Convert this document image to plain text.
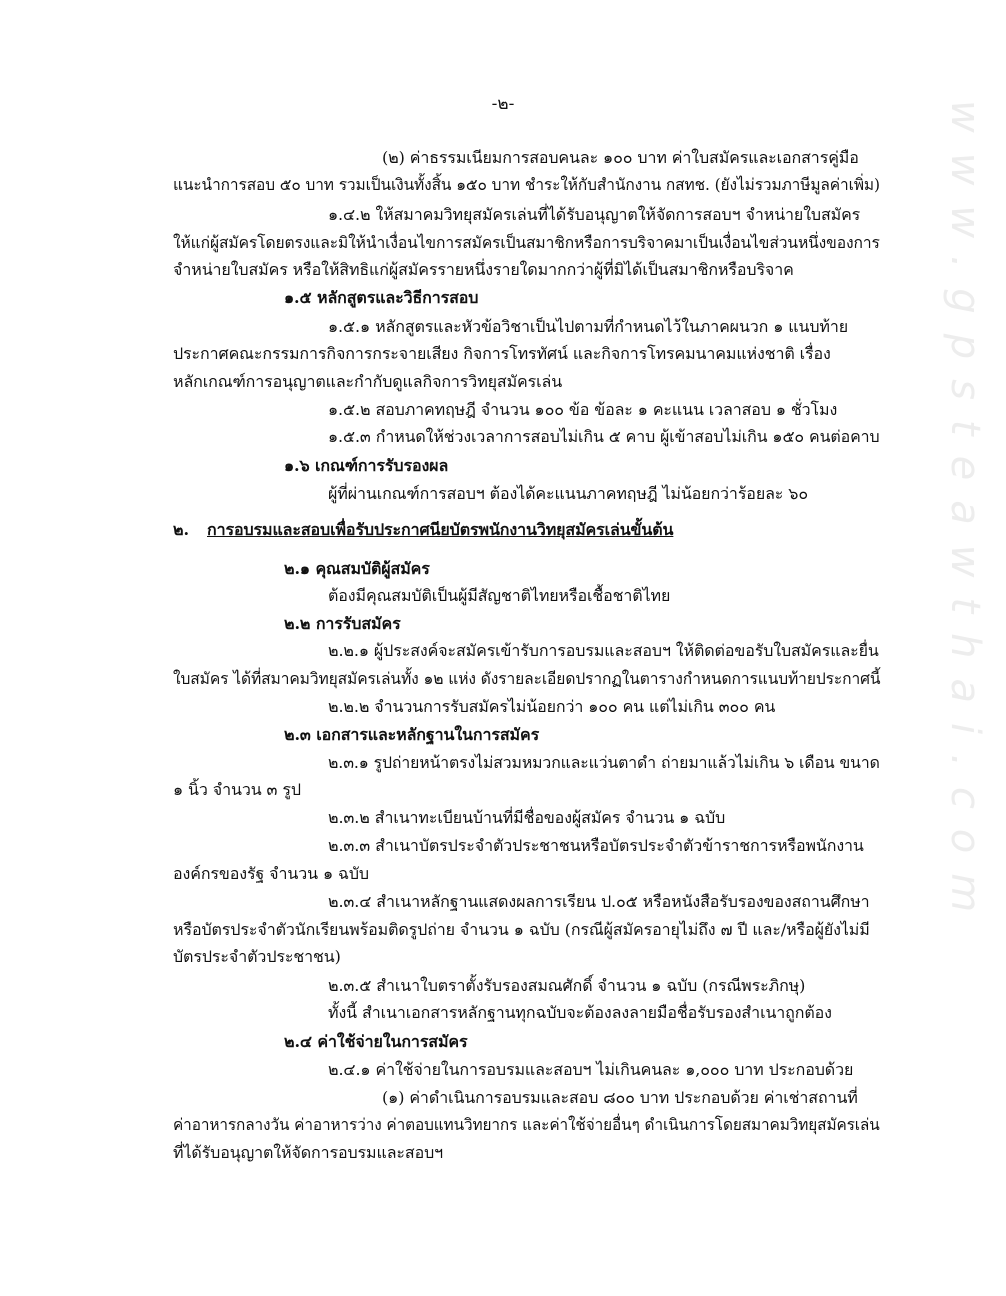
-๒-
(๒) ค่าธรรมเนียมการสอบคนละ ๑๐๐ บาท ค่าใบสมัครและเอกสารคู่มือ
แนะนำการสอบ ๕๐ บาท รวมเป็นเงินทั้งสิ้น ๑๕๐ บาท ชำระให้กับสำนักงาน กสทช. (ยังไม่รวมภาษีมูลค่าเพิ่ม)
๑.๔.๒ ให้สมาคมวิทยุสมัครเล่นที่ได้รับอนุญาตให้จัดการสอบฯ จำหน่ายใบสมัคร
ให้แก่ผู้สมัครโดยตรงและมิให้นำเงื่อนไขการสมัครเป็นสมาชิกหรือการบริจาคมาเป็นเงื่อนไขส่วนหนึ่งของการ
จำหน่ายใบสมัคร หรือให้สิทธิแก่ผู้สมัครรายหนึ่งรายใดมากกว่าผู้ที่มิได้เป็นสมาชิกหรือบริจาค
๑.๕ หลักสูตรและวิธีการสอบ
๑.๕.๑ หลักสูตรและหัวข้อวิชาเป็นไปตามที่กำหนดไว้ในภาคผนวก ๑ แนบท้าย
ประกาศคณะกรรมการกิจการกระจายเสียง กิจการโทรทัศน์ และกิจการโทรคมนาคมแห่งชาติ เรื่อง
หลักเกณฑ์การอนุญาตและกำกับดูแลกิจการวิทยุสมัครเล่น
๑.๕.๒ สอบภาคทฤษฎี จำนวน ๑๐๐ ข้อ ข้อละ ๑ คะแนน เวลาสอบ ๑ ชั่วโมง
๑.๕.๓ กำหนดให้ช่วงเวลาการสอบไม่เกิน ๕ คาบ ผู้เข้าสอบไม่เกิน ๑๕๐ คนต่อคาบ
๑.๖ เกณฑ์การรับรองผล
ผู้ที่ผ่านเกณฑ์การสอบฯ ต้องได้คะแนนภาคทฤษฎี ไม่น้อยกว่าร้อยละ ๖๐
๒. การอบรมและสอบเพื่อรับประกาศนียบัตรพนักงานวิทยุสมัครเล่นขั้นต้น
๒.๑ คุณสมบัติผู้สมัคร
ต้องมีคุณสมบัติเป็นผู้มีสัญชาติไทยหรือเชื้อชาติไทย
๒.๒ การรับสมัคร
๒.๒.๑ ผู้ประสงค์จะสมัครเข้ารับการอบรมและสอบฯ ให้ติดต่อขอรับใบสมัครและยื่น
ใบสมัคร ได้ที่สมาคมวิทยุสมัครเล่นทั้ง ๑๒ แห่ง ดังรายละเอียดปรากฏในตารางกำหนดการแนบท้ายประกาศนี้
๒.๒.๒ จำนวนการรับสมัครไม่น้อยกว่า ๑๐๐ คน แต่ไม่เกิน ๓๐๐ คน
๒.๓ เอกสารและหลักฐานในการสมัคร
๒.๓.๑ รูปถ่ายหน้าตรงไม่สวมหมวกและแว่นตาดำ ถ่ายมาแล้วไม่เกิน ๖ เดือน ขนาด
๑ นิ้ว จำนวน ๓ รูป
๒.๓.๒ สำเนาทะเบียนบ้านที่มีชื่อของผู้สมัคร จำนวน ๑ ฉบับ
๒.๓.๓ สำเนาบัตรประจำตัวประชาชนหรือบัตรประจำตัวข้าราชการหรือพนักงาน
องค์กรของรัฐ จำนวน ๑ ฉบับ
๒.๓.๔ สำเนาหลักฐานแสดงผลการเรียน ป.๐๕ หรือหนังสือรับรองของสถานศึกษา
หรือบัตรประจำตัวนักเรียนพร้อมติดรูปถ่าย จำนวน ๑ ฉบับ (กรณีผู้สมัครอายุไม่ถึง ๗ ปี และ/หรือผู้ยังไม่มี
บัตรประจำตัวประชาชน)
๒.๓.๕ สำเนาใบตราตั้งรับรองสมณศักดิ์ จำนวน ๑ ฉบับ (กรณีพระภิกษุ)
ทั้งนี้ สำเนาเอกสารหลักฐานทุกฉบับจะต้องลงลายมือชื่อรับรองสำเนาถูกต้อง
๒.๔ ค่าใช้จ่ายในการสมัคร
๒.๔.๑ ค่าใช้จ่ายในการอบรมและสอบฯ ไม่เกินคนละ ๑,๐๐๐ บาท ประกอบด้วย
(๑) ค่าดำเนินการอบรมและสอบ ๘๐๐ บาท ประกอบด้วย ค่าเช่าสถานที่
ค่าอาหารกลางวัน ค่าอาหารว่าง ค่าตอบแทนวิทยากร และค่าใช้จ่ายอื่นๆ ดำเนินการโดยสมาคมวิทยุสมัครเล่น
ที่ได้รับอนุญาตให้จัดการอบรมและสอบฯ
www.gpsteawthai.com
